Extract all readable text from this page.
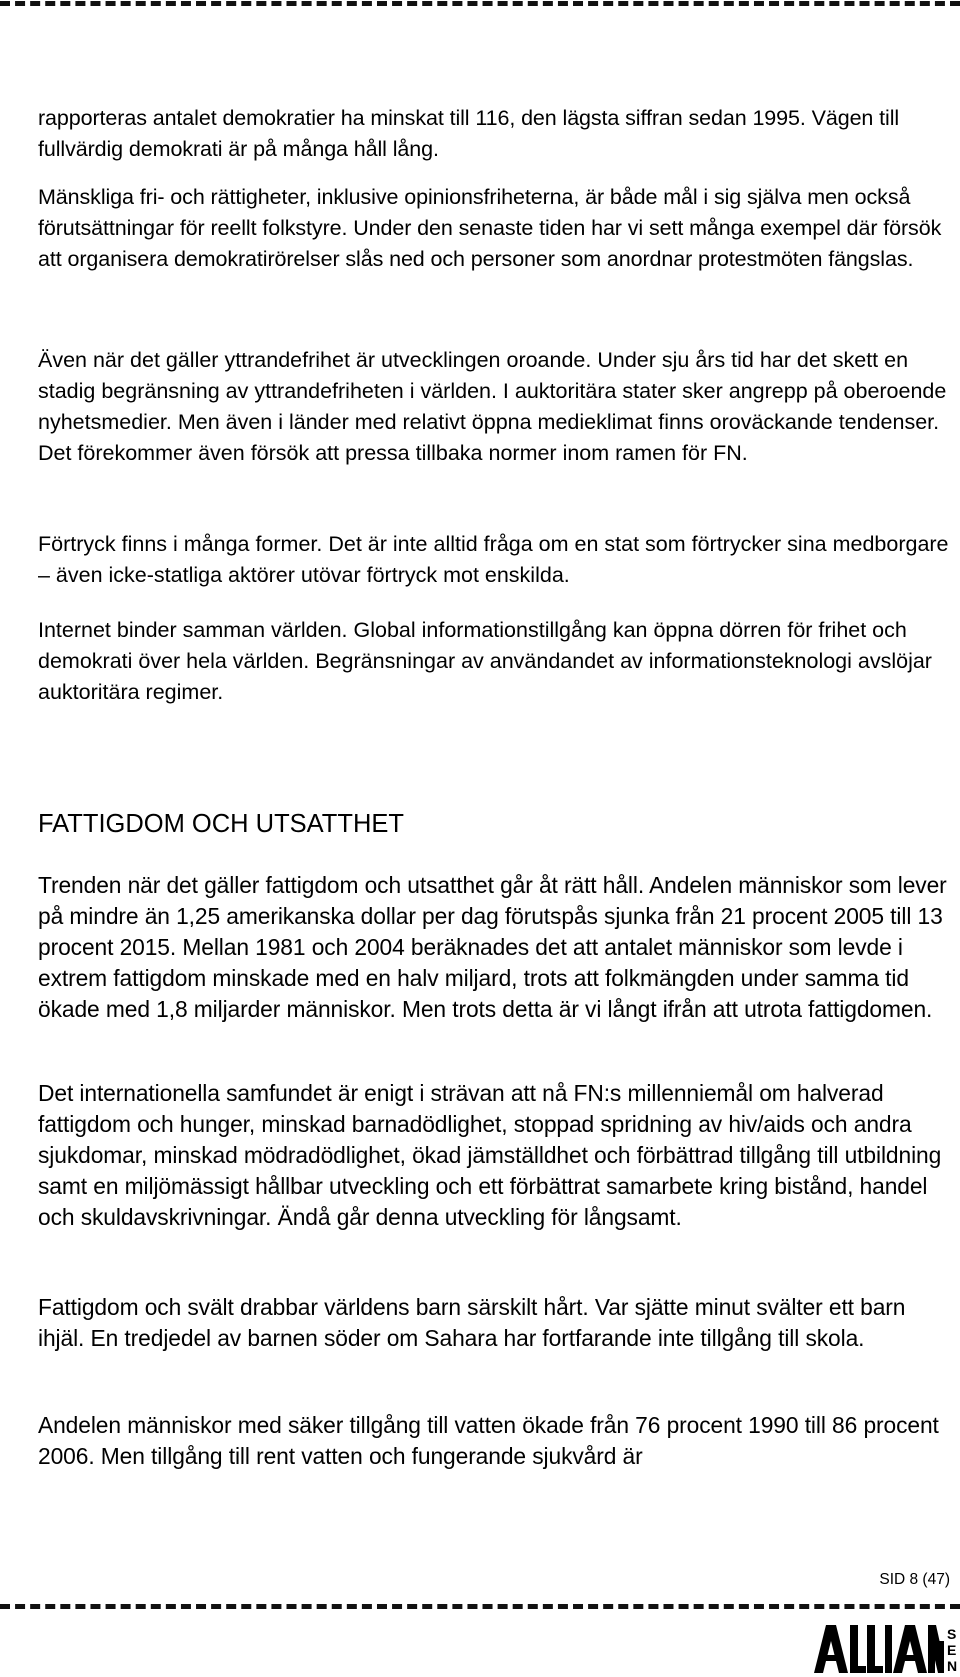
rapporteras antalet demokratier ha minskat till 116, den lägsta siffran sedan 1995. Vägen till fullvärdig demokrati är på många håll lång.

Mänskliga fri- och rättigheter, inklusive opinionsfriheterna, är både mål i sig själva men också förutsättningar för reellt folkstyre. Under den senaste tiden har vi sett många exempel där försök att organisera demokratirörelser slås ned och personer som anordnar protestmöten fängslas.

Även när det gäller yttrandefrihet är utvecklingen oroande. Under sju års tid har det skett en stadig begränsning av yttrandefriheten i världen. I auktoritära stater sker angrepp på oberoende nyhetsmedier. Men även i länder med relativt öppna medieklimat finns oroväckande tendenser. Det förekommer även försök att pressa tillbaka normer inom ramen för FN.

Förtryck finns i många former. Det är inte alltid fråga om en stat som förtrycker sina medborgare – även icke-statliga aktörer utövar förtryck mot enskilda.

Internet binder samman världen. Global informationstillgång kan öppna dörren för frihet och demokrati över hela världen. Begränsningar av användandet av informationsteknologi avslöjar auktoritära regimer.

FATTIGDOM OCH UTSATTHET

Trenden när det gäller fattigdom och utsatthet går åt rätt håll. Andelen människor som lever på mindre än 1,25 amerikanska dollar per dag förutspås sjunka från 21 procent 2005 till 13 procent 2015. Mellan 1981 och 2004 beräknades det att antalet människor som levde i extrem fattigdom minskade med en halv miljard, trots att folkmängden under samma tid ökade med 1,8 miljarder människor. Men trots detta är vi långt ifrån att utrota fattigdomen.

Det internationella samfundet är enigt i strävan att nå FN:s millenniemål om halverad fattigdom och hunger, minskad barnadödlighet, stoppad spridning av hiv/aids och andra sjukdomar, minskad mödradödlighet, ökad jämställdhet och förbättrad tillgång till utbildning samt en miljömässigt hållbar utveckling och ett förbättrat samarbete kring bistånd, handel och skuldavskrivningar. Ändå går denna utveckling för långsamt.

Fattigdom och svält drabbar världens barn särskilt hårt. Var sjätte minut svälter ett barn ihjäl. En tredjedel av barnen söder om Sahara har fortfarande inte tillgång till skola.

Andelen människor med säker tillgång till vatten ökade från 76 procent 1990 till 86 procent 2006. Men tillgång till rent vatten och fungerande sjukvård är

SID 8 (47)
S
E
N
